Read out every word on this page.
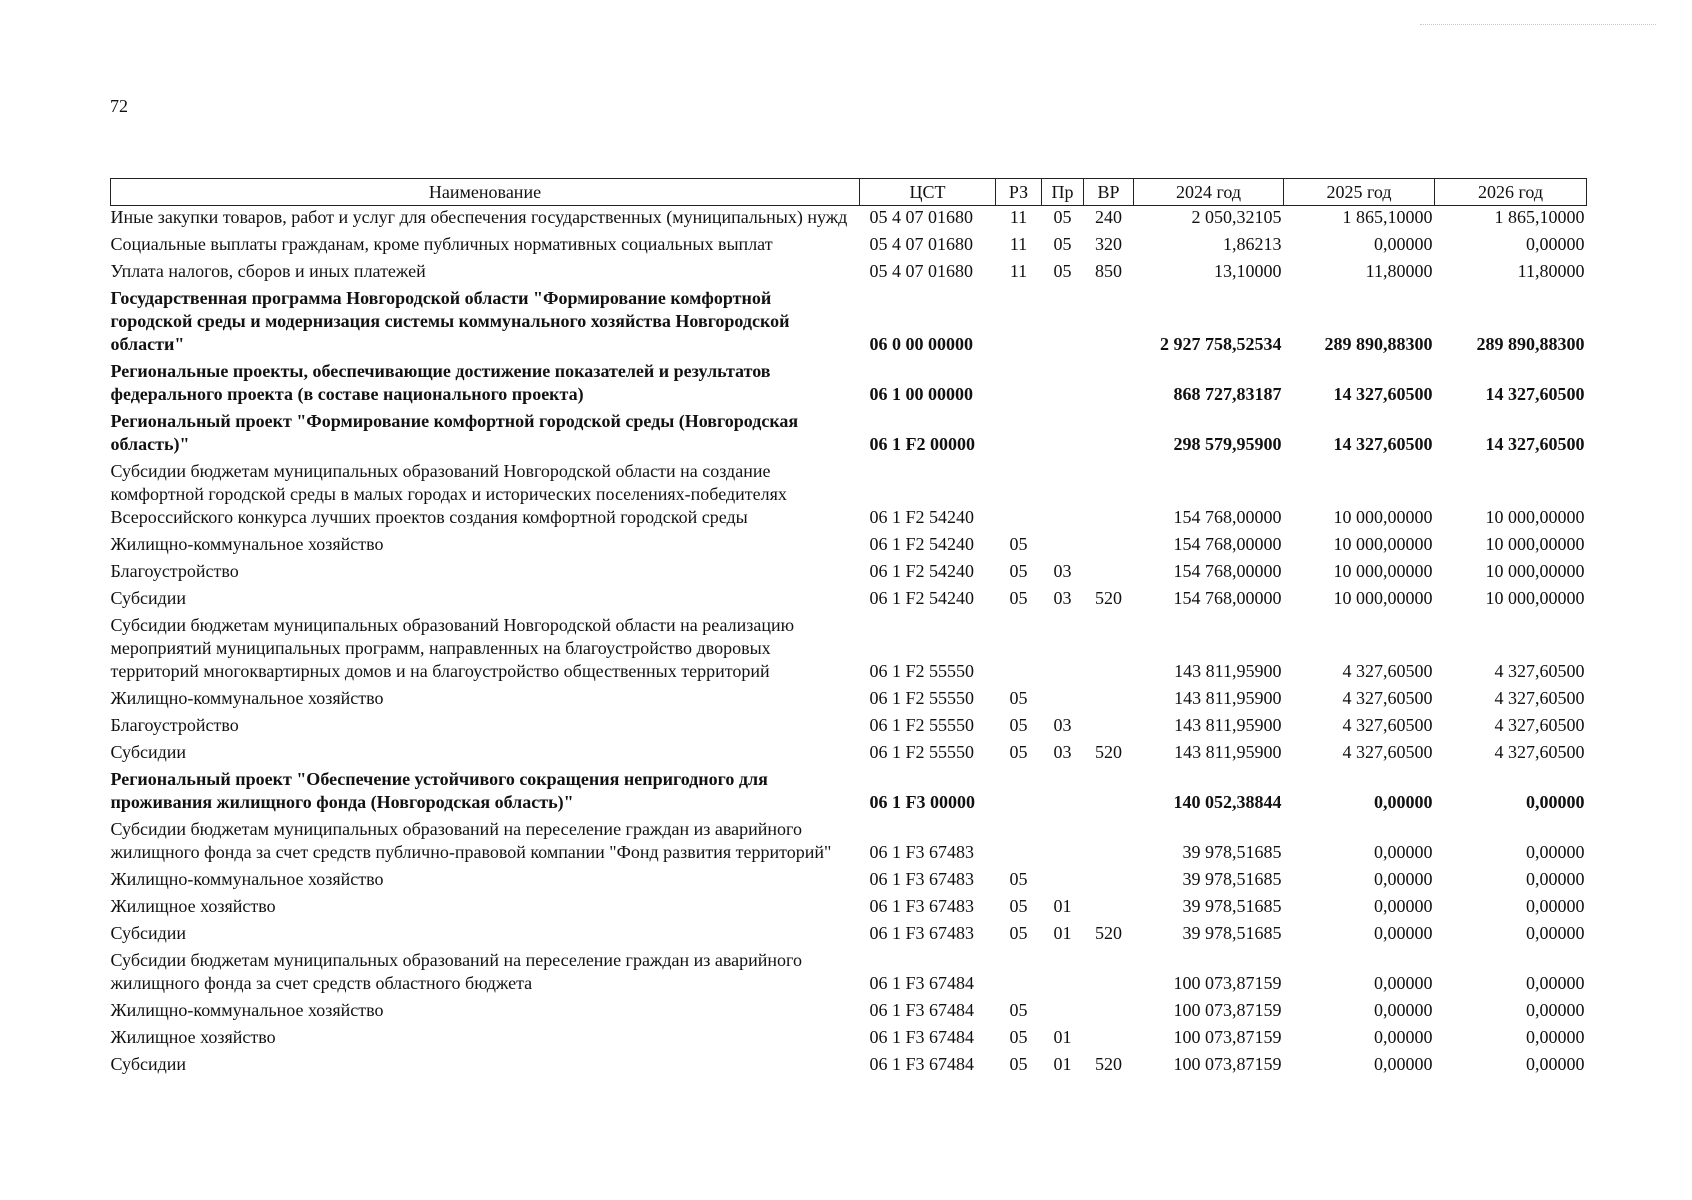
72
Наименование	ЦСТ	РЗ	Пр	ВР	2024 год	2025 год	2026 год
Иные закупки товаров, работ и услуг для обеспечения государственных (муниципальных) нужд	05 4 07 01680	11	05	240	2 050,32105	1 865,10000	1 865,10000
Социальные выплаты гражданам, кроме публичных нормативных социальных выплат	05 4 07 01680	11	05	320	1,86213	0,00000	0,00000
Уплата налогов, сборов и иных платежей	05 4 07 01680	11	05	850	13,10000	11,80000	11,80000
Государственная программа Новгородской области "Формирование комфортной городской среды и модернизация системы коммунального хозяйства Новгородской области"	06 0 00 00000				2 927 758,52534	289 890,88300	289 890,88300
Региональные проекты, обеспечивающие достижение показателей и результатов федерального проекта (в составе национального проекта)	06 1 00 00000				868 727,83187	14 327,60500	14 327,60500
Региональный проект "Формирование комфортной городской среды (Новгородская область)"	06 1 F2 00000				298 579,95900	14 327,60500	14 327,60500
Субсидии бюджетам муниципальных образований Новгородской области на создание комфортной городской среды в малых городах и исторических поселениях-победителях Всероссийского конкурса лучших проектов создания комфортной городской среды	06 1 F2 54240				154 768,00000	10 000,00000	10 000,00000
Жилищно-коммунальное хозяйство	06 1 F2 54240	05			154 768,00000	10 000,00000	10 000,00000
Благоустройство	06 1 F2 54240	05	03		154 768,00000	10 000,00000	10 000,00000
Субсидии	06 1 F2 54240	05	03	520	154 768,00000	10 000,00000	10 000,00000
Субсидии бюджетам муниципальных образований Новгородской области на реализацию мероприятий муниципальных программ, направленных на благоустройство дворовых территорий многоквартирных домов и на благоустройство общественных территорий	06 1 F2 55550				143 811,95900	4 327,60500	4 327,60500
Жилищно-коммунальное хозяйство	06 1 F2 55550	05			143 811,95900	4 327,60500	4 327,60500
Благоустройство	06 1 F2 55550	05	03		143 811,95900	4 327,60500	4 327,60500
Субсидии	06 1 F2 55550	05	03	520	143 811,95900	4 327,60500	4 327,60500
Региональный проект "Обеспечение устойчивого сокращения непригодного для проживания жилищного фонда (Новгородская область)"	06 1 F3 00000				140 052,38844	0,00000	0,00000
Субсидии бюджетам муниципальных образований на переселение граждан из аварийного жилищного фонда за счет средств публично-правовой компании "Фонд развития территорий"	06 1 F3 67483				39 978,51685	0,00000	0,00000
Жилищно-коммунальное хозяйство	06 1 F3 67483	05			39 978,51685	0,00000	0,00000
Жилищное хозяйство	06 1 F3 67483	05	01		39 978,51685	0,00000	0,00000
Субсидии	06 1 F3 67483	05	01	520	39 978,51685	0,00000	0,00000
Субсидии бюджетам муниципальных образований на переселение граждан из аварийного жилищного фонда за счет средств областного бюджета	06 1 F3 67484				100 073,87159	0,00000	0,00000
Жилищно-коммунальное хозяйство	06 1 F3 67484	05			100 073,87159	0,00000	0,00000
Жилищное хозяйство	06 1 F3 67484	05	01		100 073,87159	0,00000	0,00000
Субсидии	06 1 F3 67484	05	01	520	100 073,87159	0,00000	0,00000
